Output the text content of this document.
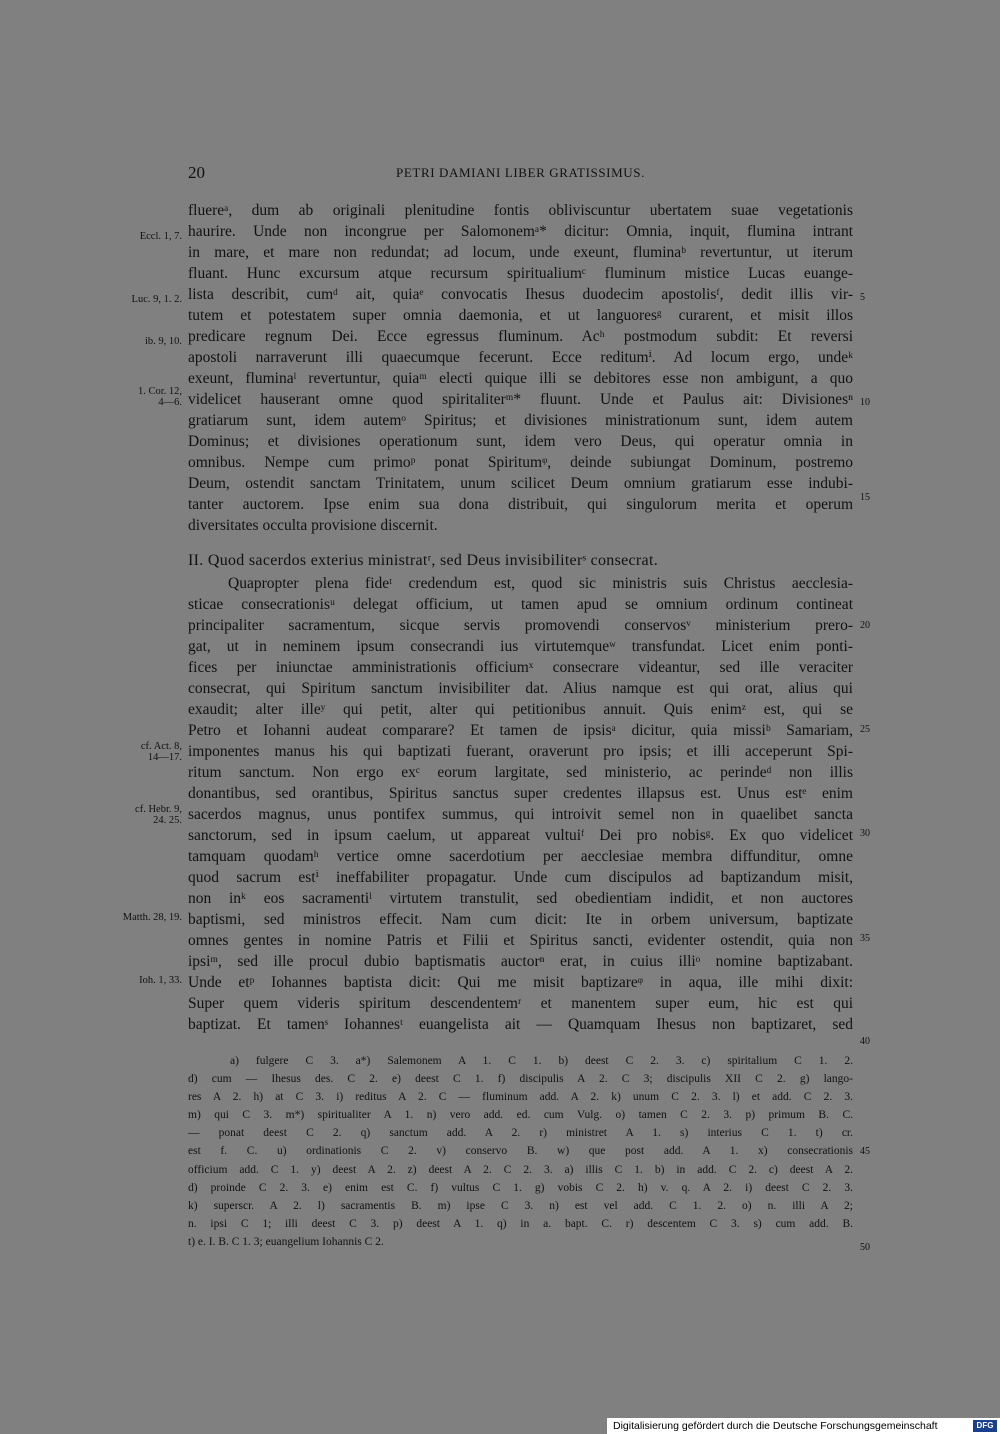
20	PETRI DAMIANI LIBER GRATISSIMUS.
fluereᵃ, dum ab originali plenitudine fontis obliviscuntur ubertatem suae vegetationis
haurire. Unde non incongrue per Salomonemᵃ* dicitur: Omnia, inquit, flumina intrant
in mare, et mare non redundat; ad locum, unde exeunt, fluminaᵇ revertuntur, ut iterum
fluant. Hunc excursum atque recursum spiritualiumᶜ fluminum mistice Lucas euange-
lista describit, cumᵈ ait, quiaᵉ convocatis Ihesus duodecim apostolisᶠ, dedit illis vir-
tutem et potestatem super omnia daemonia, et ut languoresᵍ curarent, et misit illos
predicare regnum Dei. Ecce egressus fluminum. Acʰ postmodum subdit: Et reversi
apostoli narraverunt illi quaecumque fecerunt. Ecce reditumⁱ. Ad locum ergo, undeᵏ
exeunt, fluminaˡ revertuntur, quiaᵐ electi quique illi se debitores esse non ambigunt, a quo
videlicet hauserant omne quod spiritaliterᵐ* fluunt. Unde et Paulus ait: Divisionesⁿ
gratiarum sunt, idem autemᵒ Spiritus; et divisiones ministrationum sunt, idem autem
Dominus; et divisiones operationum sunt, idem vero Deus, qui operatur omnia in
omnibus. Nempe cum primoᵖ ponat Spiritumᵠ, deinde subiungat Dominum, postremo
Deum, ostendit sanctam Trinitatem, unum scilicet Deum omnium gratiarum esse indubi-
tanter auctorem. Ipse enim sua dona distribuit, qui singulorum merita et operum
diversitates occulta provisione discernit.
II. Quod sacerdos exterius ministratʳ, sed Deus invisibiliterˢ consecrat.
Quapropter plena fideᵗ credendum est, quod sic ministris suis Christus aecclesia-
sticae consecrationisᵘ delegat officium, ut tamen apud se omnium ordinum contineat
principaliter sacramentum, sicque servis promovendi conservosᵛ ministerium prero-
gat, ut in neminem ipsum consecrandi ius virtutemqueʷ transfundat. Licet enim ponti-
fices per iniunctae amministrationis officiumˣ consecrare videantur, sed ille veraciter
consecrat, qui Spiritum sanctum invisibiliter dat. Alius namque est qui orat, alius qui
exaudit; alter illeʸ qui petit, alter qui petitionibus annuit. Quis enimᶻ est, qui se
Petro et Iohanni audeat comparare? Et tamen de ipsisᵃ dicitur, quia missiᵇ Samariam,
imponentes manus his qui baptizati fuerant, oraverunt pro ipsis; et illi acceperunt Spi-
ritum sanctum. Non ergo exᶜ eorum largitate, sed ministerio, ac perindeᵈ non illis
donantibus, sed orantibus, Spiritus sanctus super credentes illapsus est. Unus estᵉ enim
sacerdos magnus, unus pontifex summus, qui introivit semel non in quaelibet sancta
sanctorum, sed in ipsum caelum, ut appareat vultuiᶠ Dei pro nobisᵍ. Ex quo videlicet
tamquam quodamʰ vertice omne sacerdotium per aecclesiae membra diffunditur, omne
quod sacrum estⁱ ineffabiliter propagatur. Unde cum discipulos ad baptizandum misit,
non inᵏ eos sacramentiˡ virtutem transtulit, sed obedientiam indidit, et non auctores
baptismi, sed ministros effecit. Nam cum dicit: Ite in orbem universum, baptizate
omnes gentes in nomine Patris et Filii et Spiritus sancti, evidenter ostendit, quia non
ipsiᵐ, sed ille procul dubio baptismatis auctorⁿ erat, in cuius illiᵒ nomine baptizabant.
Unde etᵖ Iohannes baptista dicit: Qui me misit baptizareᵠ in aqua, ille mihi dixit:
Super quem videris spiritum descendentemʳ et manentem super eum, hic est qui
baptizat. Et tamenˢ Iohannesᵗ euangelista ait — Quamquam Ihesus non baptizaret, sed
Eccl. 1, 7.
Luc. 9, 1. 2.
ib. 9, 10.
1. Cor. 12,
4—6.
cf. Act. 8,
14—17.
cf. Hebr. 9,
24. 25.
Matth. 28, 19.
Ioh. 1, 33.
5
10
15
20
25
30
35
40
45
50
a) fulgere C 3. a*) Salemonem A 1. C 1. b) deest C 2. 3. c) spiritalium C 1. 2.
d) cum — Ihesus des. C 2. e) deest C 1. f) discipulis A 2. C 3; discipulis XII C 2. g) lango-
res A 2. h) at C 3. i) reditus A 2. C — fluminum add. A 2. k) unum C 2. 3. l) et add. C 2. 3.
m) qui C 3. m*) spiritualiter A 1. n) vero add. ed. cum Vulg. o) tamen C 2. 3. p) primum B. C.
— ponat deest C 2. q) sanctum add. A 2. r) ministret A 1. s) interius C 1. t) cr.
est f. C. u) ordinationis C 2. v) conservo B. w) que post add. A 1. x) consecrationis
officium add. C 1. y) deest A 2. z) deest A 2. C 2. 3. a) illis C 1. b) in add. C 2. c) deest A 2.
d) proinde C 2. 3. e) enim est C. f) vultus C 1. g) vobis C 2. h) v. q. A 2. i) deest C 2. 3.
k) superscr. A 2. l) sacramentis B. m) ipse C 3. n) est vel add. C 1. 2. o) n. illi A 2;
n. ipsi C 1; illi deest C 3. p) deest A 1. q) in a. bapt. C. r) descentem C 3. s) cum add. B.
t) e. I. B. C 1. 3; euangelium Iohannis C 2.
Digitalisierung gefördert durch die Deutsche Forschungsgemeinschaft	DFG
